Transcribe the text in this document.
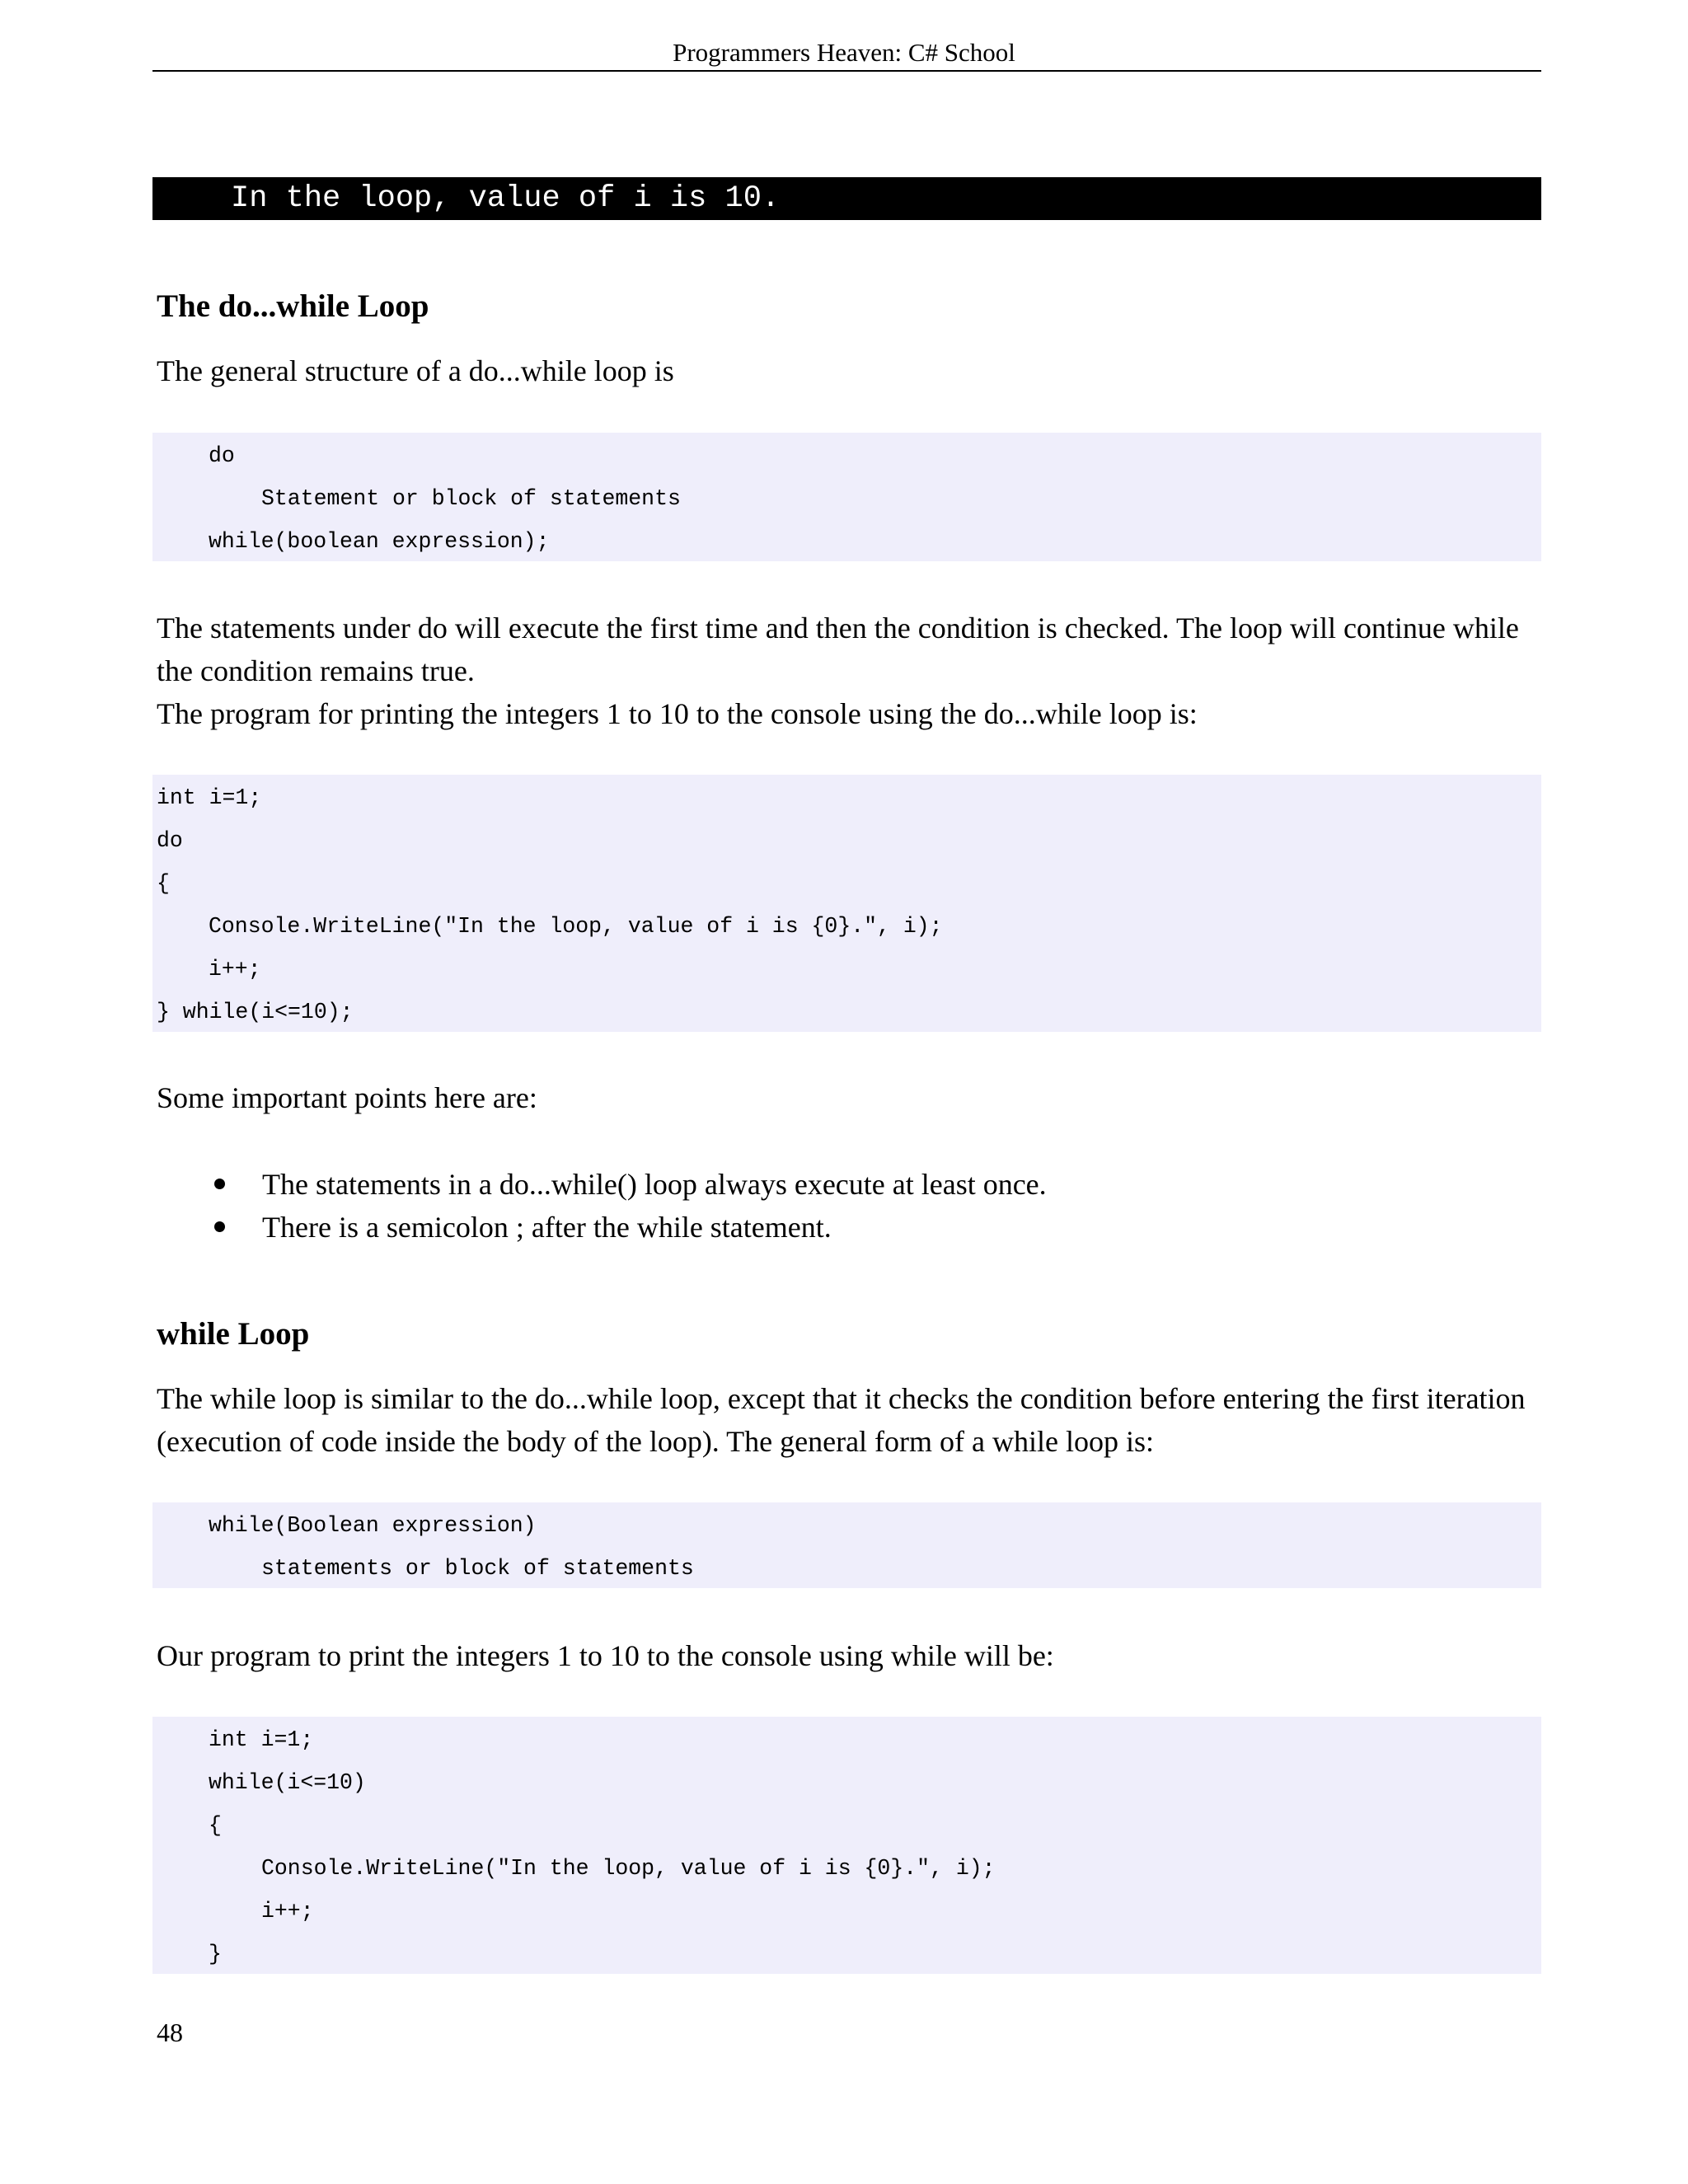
Programmers Heaven: C# School
In the loop, value of i is 10.
The do...while Loop

The general structure of a do...while loop is

do
Statement or block of statements
while(boolean expression);

The statements under do will execute the first time and then the condition is checked. The loop will continue while

the condition remains true.

The program for printing the integers 1 to 10 to the console using the do...while loop is:

int i=1;
do
{
Console.WriteLine("In the loop, value of i is {0}.", i);
i++;
} while(i<=10);

Some important points here are:

The statements in a do...while() loop always execute at least once.
There is a semicolon ; after the while statement.
while Loop

The while loop is similar to the do...while loop, except that it checks the condition before entering the first iteration

(execution of code inside the body of the loop). The general form of a while loop is:

while(Boolean expression)
statements or block of statements

Our program to print the integers 1 to 10 to the console using while will be:

int i=1;
while(i<=10)
{
Console.WriteLine("In the loop, value of i is {0}.", i);
i++;
}
48
